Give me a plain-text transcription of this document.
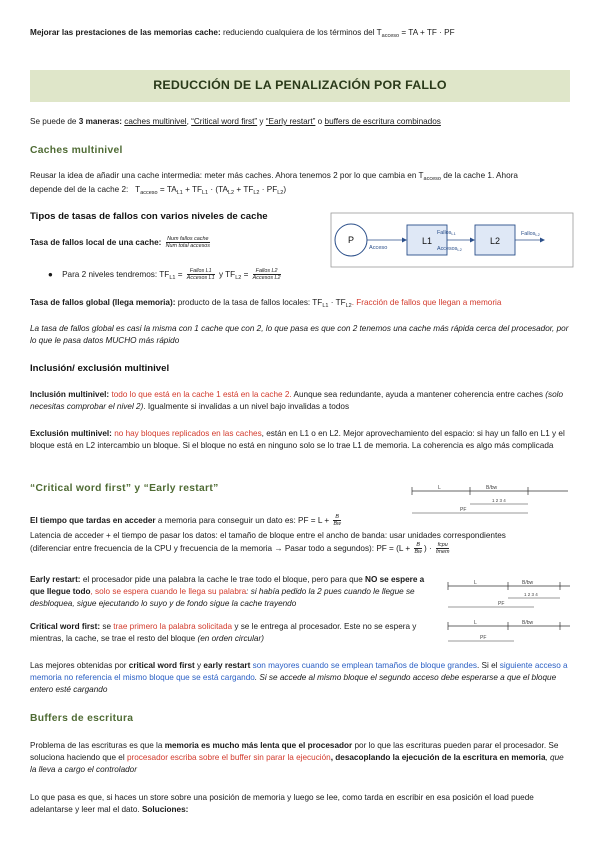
Mejorar las prestaciones de las memorias cache: reduciendo cualquiera de los términos del $T_{acceso}$ = TA + TF · PF
REDUCCIÓN DE LA PENALIZACIÓN POR FALLO
Se puede de 3 maneras: caches multinivel, “Critical word first” y “Early restart” o buffers de escritura combinados
Caches multinivel
Reusar la idea de añadir una cache intermedia: meter más caches. Ahora tenemos 2 por lo que cambia en $T_{acceso}$ de la cache 1. Ahora
depende del de la cache 2: $T_{acceso} = TA_{L1} + TF_{L1} \cdot (TA_{L2} + TF_{L2} \cdot PF_{L2})$
Tipos de tasas de fallos con varios niveles de cache
Tasa de fallos local de una cache: $\frac{\text{Num fallos cache}}{\text{Num total accesos}}$
● Para 2 niveles tendremos: $TF_{L1} = \frac{\text{Fallos L1}}{\text{Accesos L1}}$ y $TF_{L2} = \frac{\text{Fallos L2}}{\text{Accesos L2}}$
P
Acceso
L1
FallosL1
AccesosL2
L2
FallosL2
Tasa de fallos global (llega memoria): producto de la tasa de fallos locales: $TF_{L1} \cdot TF_{L2}$. Fracción de fallos que llegan a memoria
La tasa de fallos global es casi la misma con 1 cache que con 2, lo que pasa es que con 2 tenemos una cache más rápida cerca del procesador, por lo que le pasa datos MUCHO más rápido
Inclusión/ exclusión multinivel
Inclusión multinivel: todo lo que está en la cache 1 está en la cache 2. Aunque sea redundante, ayuda a mantener coherencia entre caches (solo necesitas comprobar el nivel 2). Igualmente si invalidas a un nivel bajo invalidas a todos
Exclusión multinivel: no hay bloques replicados en las caches, están en L1 o en L2. Mejor aprovechamiento del espacio: si hay un fallo en L1 y el bloque está en L2 intercambio un bloque. Si el bloque no está en ninguno solo se lo trae L1 de memoria. La coherencia es algo más complicada
“Critical word first” y “Early restart”	L	B/bw
1 2 3 4
PF
El tiempo que tardas en acceder a memoria para conseguir un dato es: PF = $L + \frac{B}{Bw}$
Latencia de acceder + el tiempo de pasar los datos: el tamaño de bloque entre el ancho de banda: usar unidades correspondientes
(diferenciar entre frecuencia de la CPU y frecuencia de la memoria → Pasar todo a segundos): PF = ($L + \frac{B}{Bw}$ ) · $\frac{\text{fcpu}}{\text{fmem}}$
Early restart: el procesador pide una palabra la cache le trae todo el bloque, pero para que NO se espere a que llegue todo, solo se espera cuando le llega su palabra: si había pedido la 2 pues cuando le llegue se desbloquea, sigue ejecutando lo suyo y de fondo sigue la cache trayendo
L	B/bw
1 2 3 4
PF
Critical word first: se trae primero la palabra solicitada y se le entrega al procesador. Este no se espera y mientras, la cache, se trae el resto del bloque (en orden circular)
L	B/bw
PF
Las mejores obtenidas por critical word first y early restart son mayores cuando se emplean tamaños de bloque grandes. Si el siguiente acceso a memoria no referencia el mismo bloque que se está cargando. Si se accede al mismo bloque el segundo acceso debe esperarse a que el bloque entero esté cargando
Buffers de escritura
Problema de las escrituras es que la memoria es mucho más lenta que el procesador por lo que las escrituras pueden parar el procesador. Se soluciona haciendo que el procesador escriba sobre el buffer sin parar la ejecución, desacoplando la ejecución de la escritura en memoria, que la lleva a cargo el controlador
Lo que pasa es que, si haces un store sobre una posición de memoria y luego se lee, como tarda en escribir en esa posición el load puede adelantarse y leer mal el dato. Soluciones:
